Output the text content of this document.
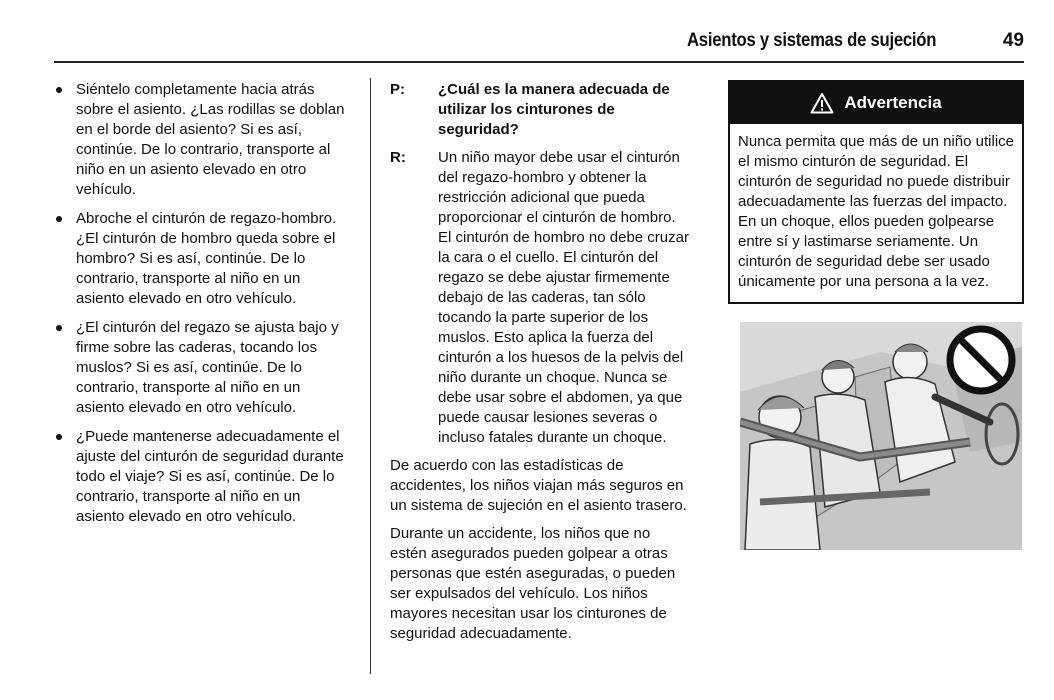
Asientos y sistemas de sujeción	49
Siéntelo completamente hacia atrás sobre el asiento. ¿Las rodillas se doblan en el borde del asiento? Si es así, continúe. De lo contrario, transporte al niño en un asiento elevado en otro vehículo.
Abroche el cinturón de regazo-hombro. ¿El cinturón de hombro queda sobre el hombro? Si es así, continúe. De lo contrario, transporte al niño en un asiento elevado en otro vehículo.
¿El cinturón del regazo se ajusta bajo y firme sobre las caderas, tocando los muslos? Si es así, continúe. De lo contrario, transporte al niño en un asiento elevado en otro vehículo.
¿Puede mantenerse adecuadamente el ajuste del cinturón de seguridad durante todo el viaje? Si es así, continúe. De lo contrario, transporte al niño en un asiento elevado en otro vehículo.
P:	¿Cuál es la manera adecuada de utilizar los cinturones de seguridad?
R:	Un niño mayor debe usar el cinturón del regazo-hombro y obtener la restricción adicional que pueda proporcionar el cinturón de hombro. El cinturón de hombro no debe cruzar la cara o el cuello. El cinturón del regazo se debe ajustar firmemente debajo de las caderas, tan sólo tocando la parte superior de los muslos. Esto aplica la fuerza del cinturón a los huesos de la pelvis del niño durante un choque. Nunca se debe usar sobre el abdomen, ya que puede causar lesiones severas o incluso fatales durante un choque.

De acuerdo con las estadísticas de accidentes, los niños viajan más seguros en un sistema de sujeción en el asiento trasero.

Durante un accidente, los niños que no estén asegurados pueden golpear a otras personas que estén aseguradas, o pueden ser expulsados del vehículo. Los niños mayores necesitan usar los cinturones de seguridad adecuadamente.

Advertencia
Nunca permita que más de un niño utilice el mismo cinturón de seguridad. El cinturón de seguridad no puede distribuir adecuadamente las fuerzas del impacto. En un choque, ellos pueden golpearse entre sí y lastimarse seriamente. Un cinturón de seguridad debe ser usado únicamente por una persona a la vez.
